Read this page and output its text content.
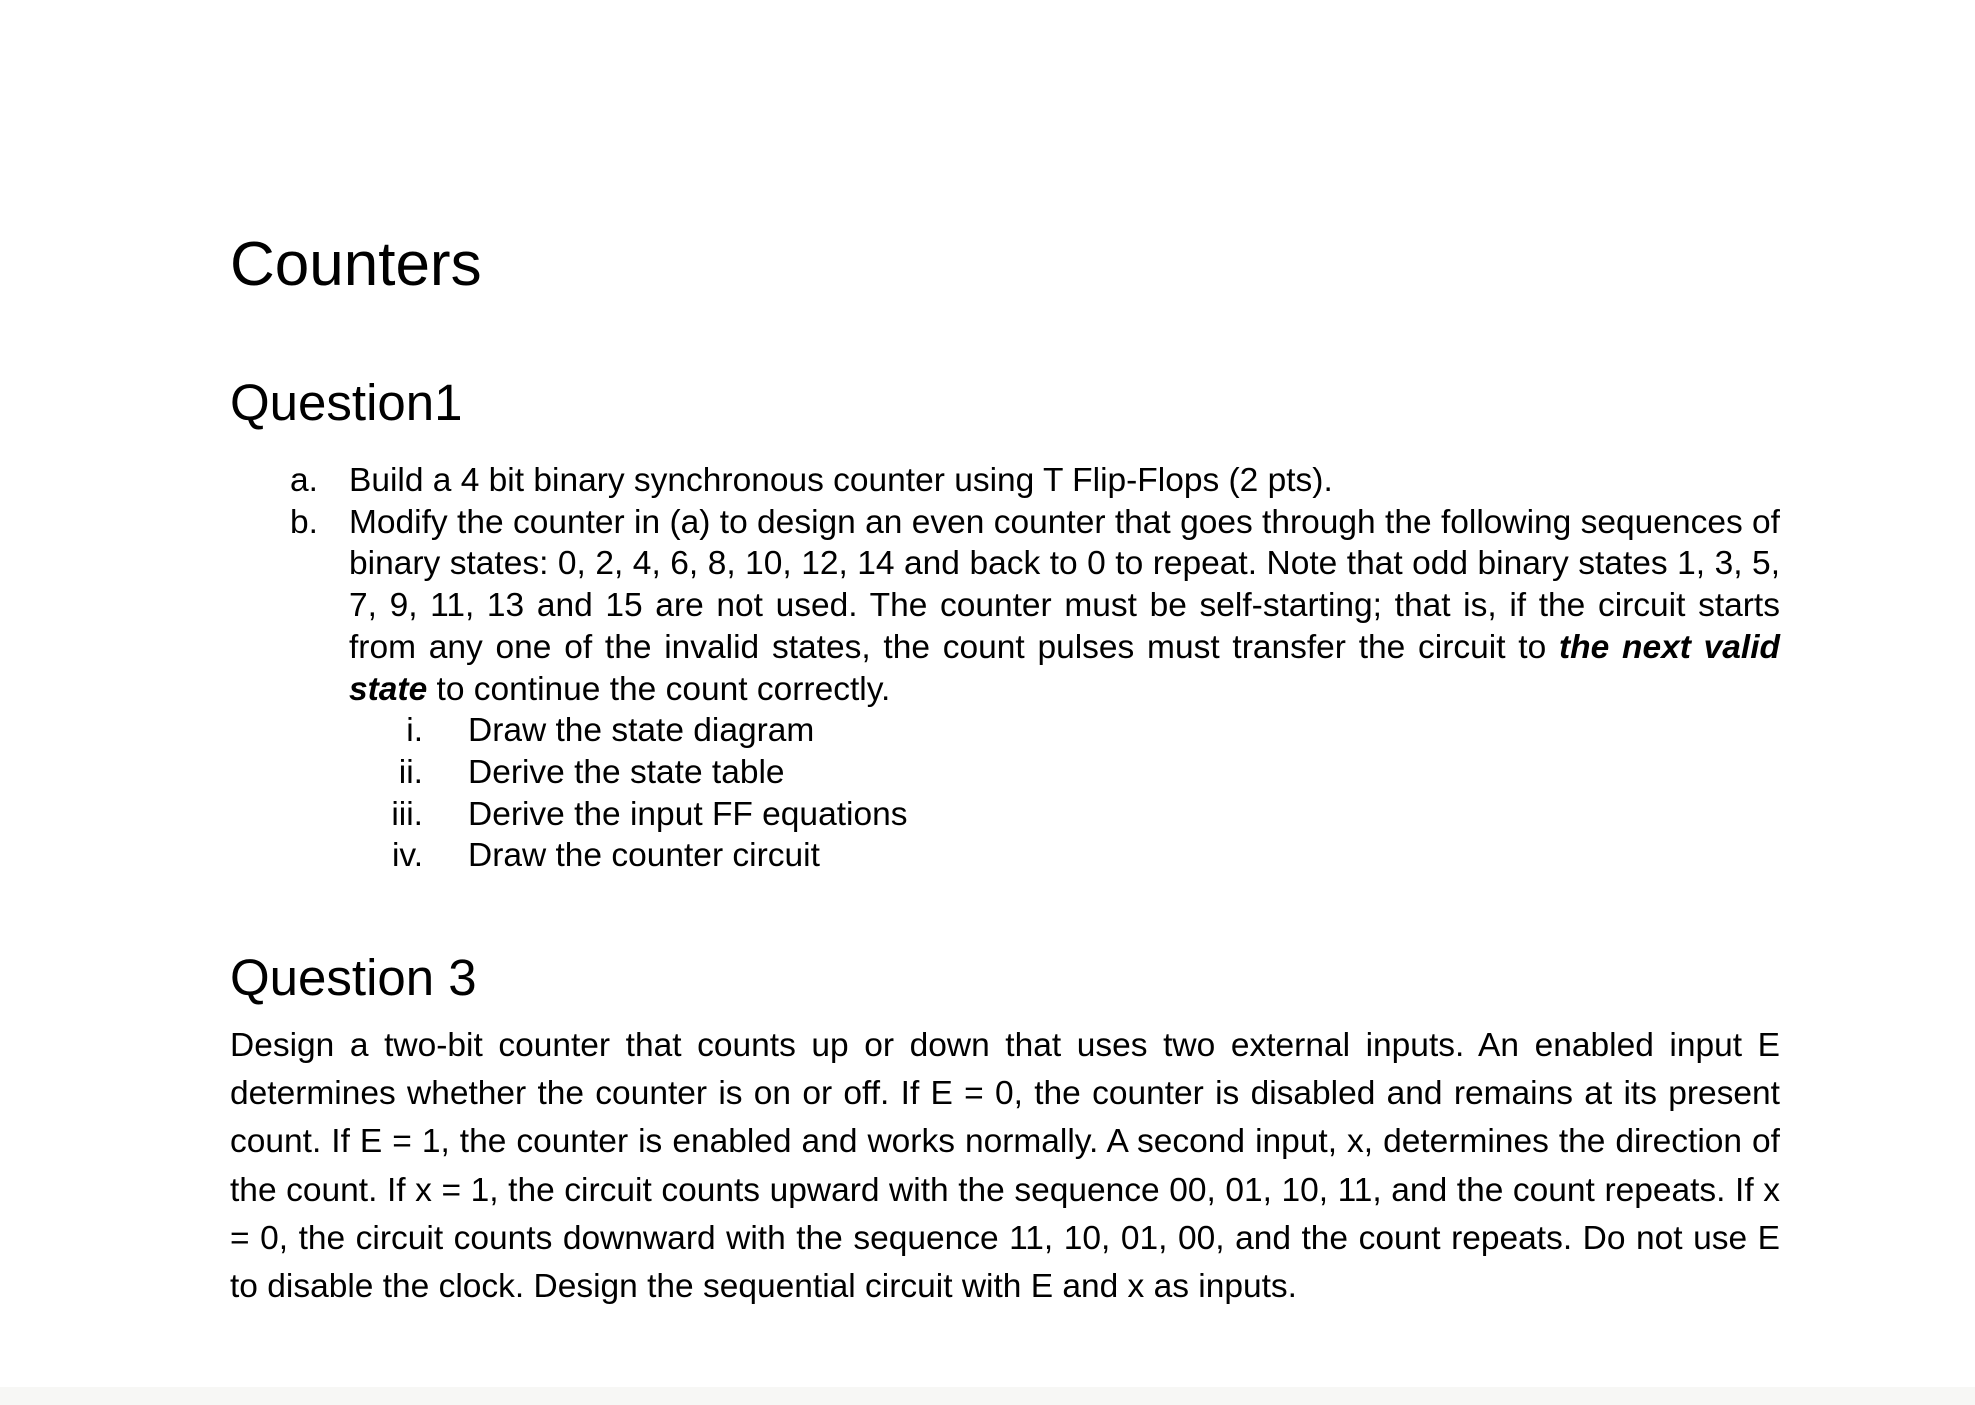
Counters
Question1
a. Build a 4 bit binary synchronous counter using T Flip-Flops (2 pts).
b. Modify the counter in (a) to design an even counter that goes through the following sequences of binary states: 0, 2, 4, 6, 8, 10, 12, 14 and back to 0 to repeat. Note that odd binary states 1, 3, 5, 7, 9, 11, 13 and 15 are not used. The counter must be self-starting; that is, if the circuit starts from any one of the invalid states, the count pulses must transfer the circuit to the next valid state to continue the count correctly.
i. Draw the state diagram
ii. Derive the state table
iii. Derive the input FF equations
iv. Draw the counter circuit
Question 3

Design a two-bit counter that counts up or down that uses two external inputs. An enabled input E determines whether the counter is on or off. If E = 0, the counter is disabled and remains at its present count. If E = 1, the counter is enabled and works normally. A second input, x, determines the direction of the count. If x = 1, the circuit counts upward with the sequence 00, 01, 10, 11, and the count repeats. If x = 0, the circuit counts downward with the sequence 11, 10, 01, 00, and the count repeats. Do not use E to disable the clock. Design the sequential circuit with E and x as inputs.
